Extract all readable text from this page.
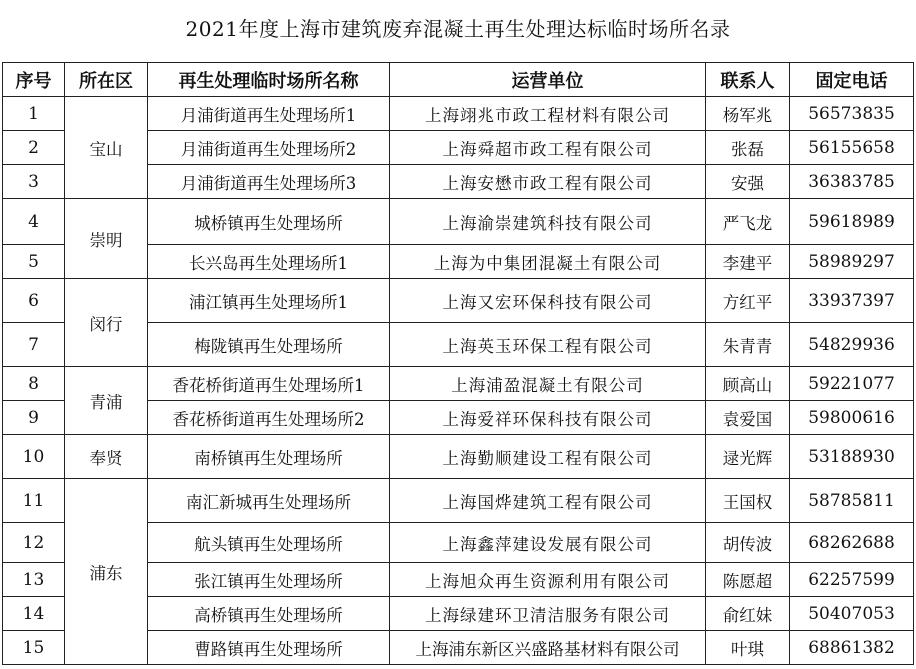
2021年度上海市建筑废弃混凝土再生处理达标临时场所名录
序号	所在区	再生处理临时场所名称	运营单位	联系人	固定电话
1	宝山	月浦街道再生处理场所1	上海翊兆市政工程材料有限公司	杨军兆	56573835
2		月浦街道再生处理场所2	上海舜超市政工程有限公司	张磊	56155658
3		月浦街道再生处理场所3	上海安懋市政工程有限公司	安强	36383785
4	崇明	城桥镇再生处理场所	上海渝崇建筑科技有限公司	严飞龙	59618989
5		长兴岛再生处理场所1	上海为中集团混凝土有限公司	李建平	58989297
6	闵行	浦江镇再生处理场所1	上海又宏环保科技有限公司	方红平	33937397
7		梅陇镇再生处理场所	上海英玉环保工程有限公司	朱青青	54829936
8	青浦	香花桥街道再生处理场所1	上海浦盈混凝土有限公司	顾高山	59221077
9		香花桥街道再生处理场所2	上海爱祥环保科技有限公司	袁爱国	59800616
10	奉贤	南桥镇再生处理场所	上海勤顺建设工程有限公司	逯光辉	53188930
11	浦东	南汇新城再生处理场所	上海国烨建筑工程有限公司	王国权	58785811
12		航头镇再生处理场所	上海鑫萍建设发展有限公司	胡传波	68262688
13		张江镇再生处理场所	上海旭众再生资源利用有限公司	陈愿超	62257599
14		高桥镇再生处理场所	上海绿建环卫清洁服务有限公司	俞红妹	50407053
15		曹路镇再生处理场所	上海浦东新区兴盛路基材料有限公司	叶琪	68861382
